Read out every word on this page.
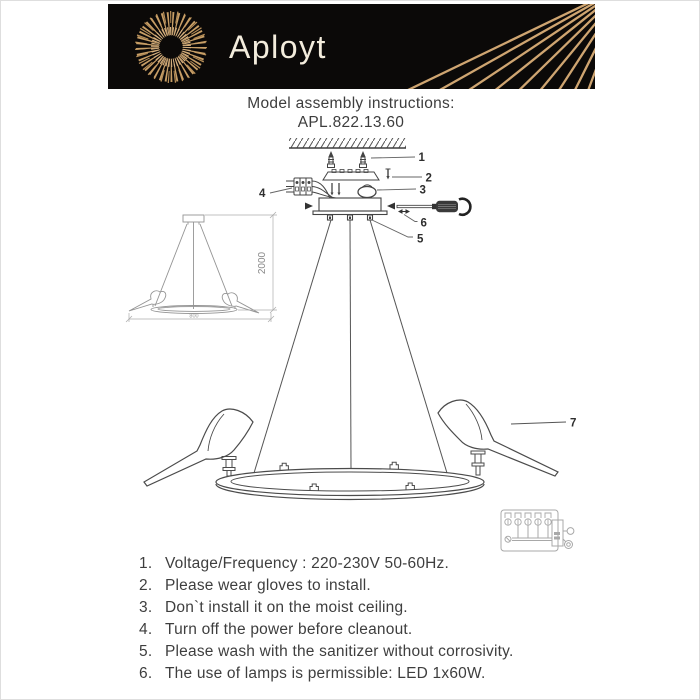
Aployt
Model assembly instructions:
APL.822.13.60
1
2
3
4
5
6
7
2000
800
1. Voltage/Frequency : 220-230V 50-60Hz.
2. Please wear gloves to install.
3. Don`t install it on the moist ceiling.
4. Turn off the power before cleanout.
5. Please wash with the sanitizer without corrosivity.
6. The use of lamps is permissible: LED 1x60W.
